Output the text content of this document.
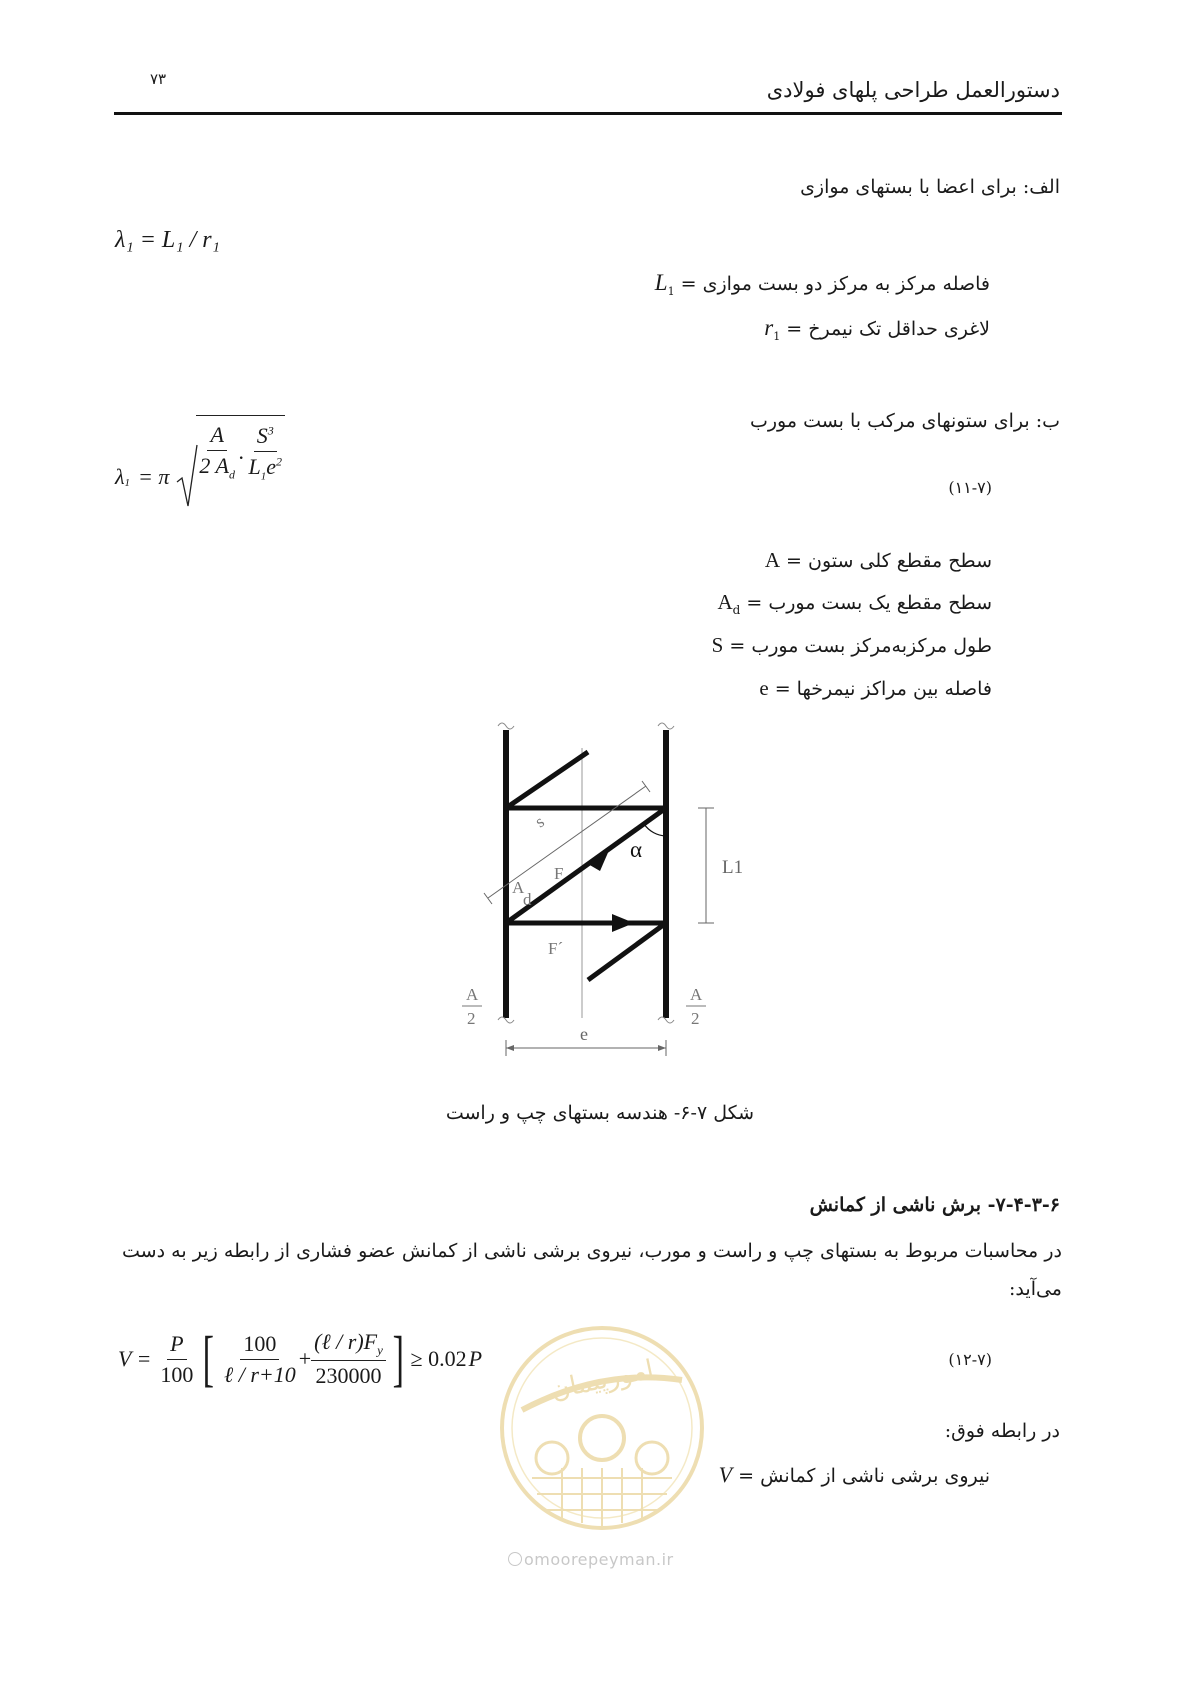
۷۳	دستورالعمل طراحی پلهای فولادی
الف: برای اعضا با بستهای موازی
λ₁ = L₁ / r₁
$L_1$ = فاصله مرکز به مرکز دو بست موازی
$r_1$ = لاغری حداقل تک نیمرخ
ب: برای ستونهای مرکب با بست مورب
(۱۱-۷)
$\lambda_1 = \pi \frac{A}{2 A_d}$ . $\frac{S^3}{L_1e^2}$
A = سطح مقطع کلی ستون
$A_d$ = سطح مقطع یک بست مورب
S = طول مرکزبه‌مرکز بست مورب
e = فاصله بین مراکز نیمرخها
s
α
L1
A
d
F
F´
A
2
A
2
e
شکل ۷-۶- هندسه بستهای چپ و راست
۷-۴-۳-۶- برش ناشی از کمانش
در محاسبات مربوط به بستهای چپ و راست و مورب، نیروی برشی ناشی از کمانش عضو فشاری از رابطه زیر به دست می‌آید:
(۱۲-۷)
$V = \frac{P}{100}$ [ $\frac{100}{\text{ℓ / r+10}} + \frac{(\ell / r)F_y}{230000}$ ] ≥ 0.02 P
در رابطه فوق:
V = نیروی برشی ناشی از کمانش
امورپیمان
omoorepeyman.ir
